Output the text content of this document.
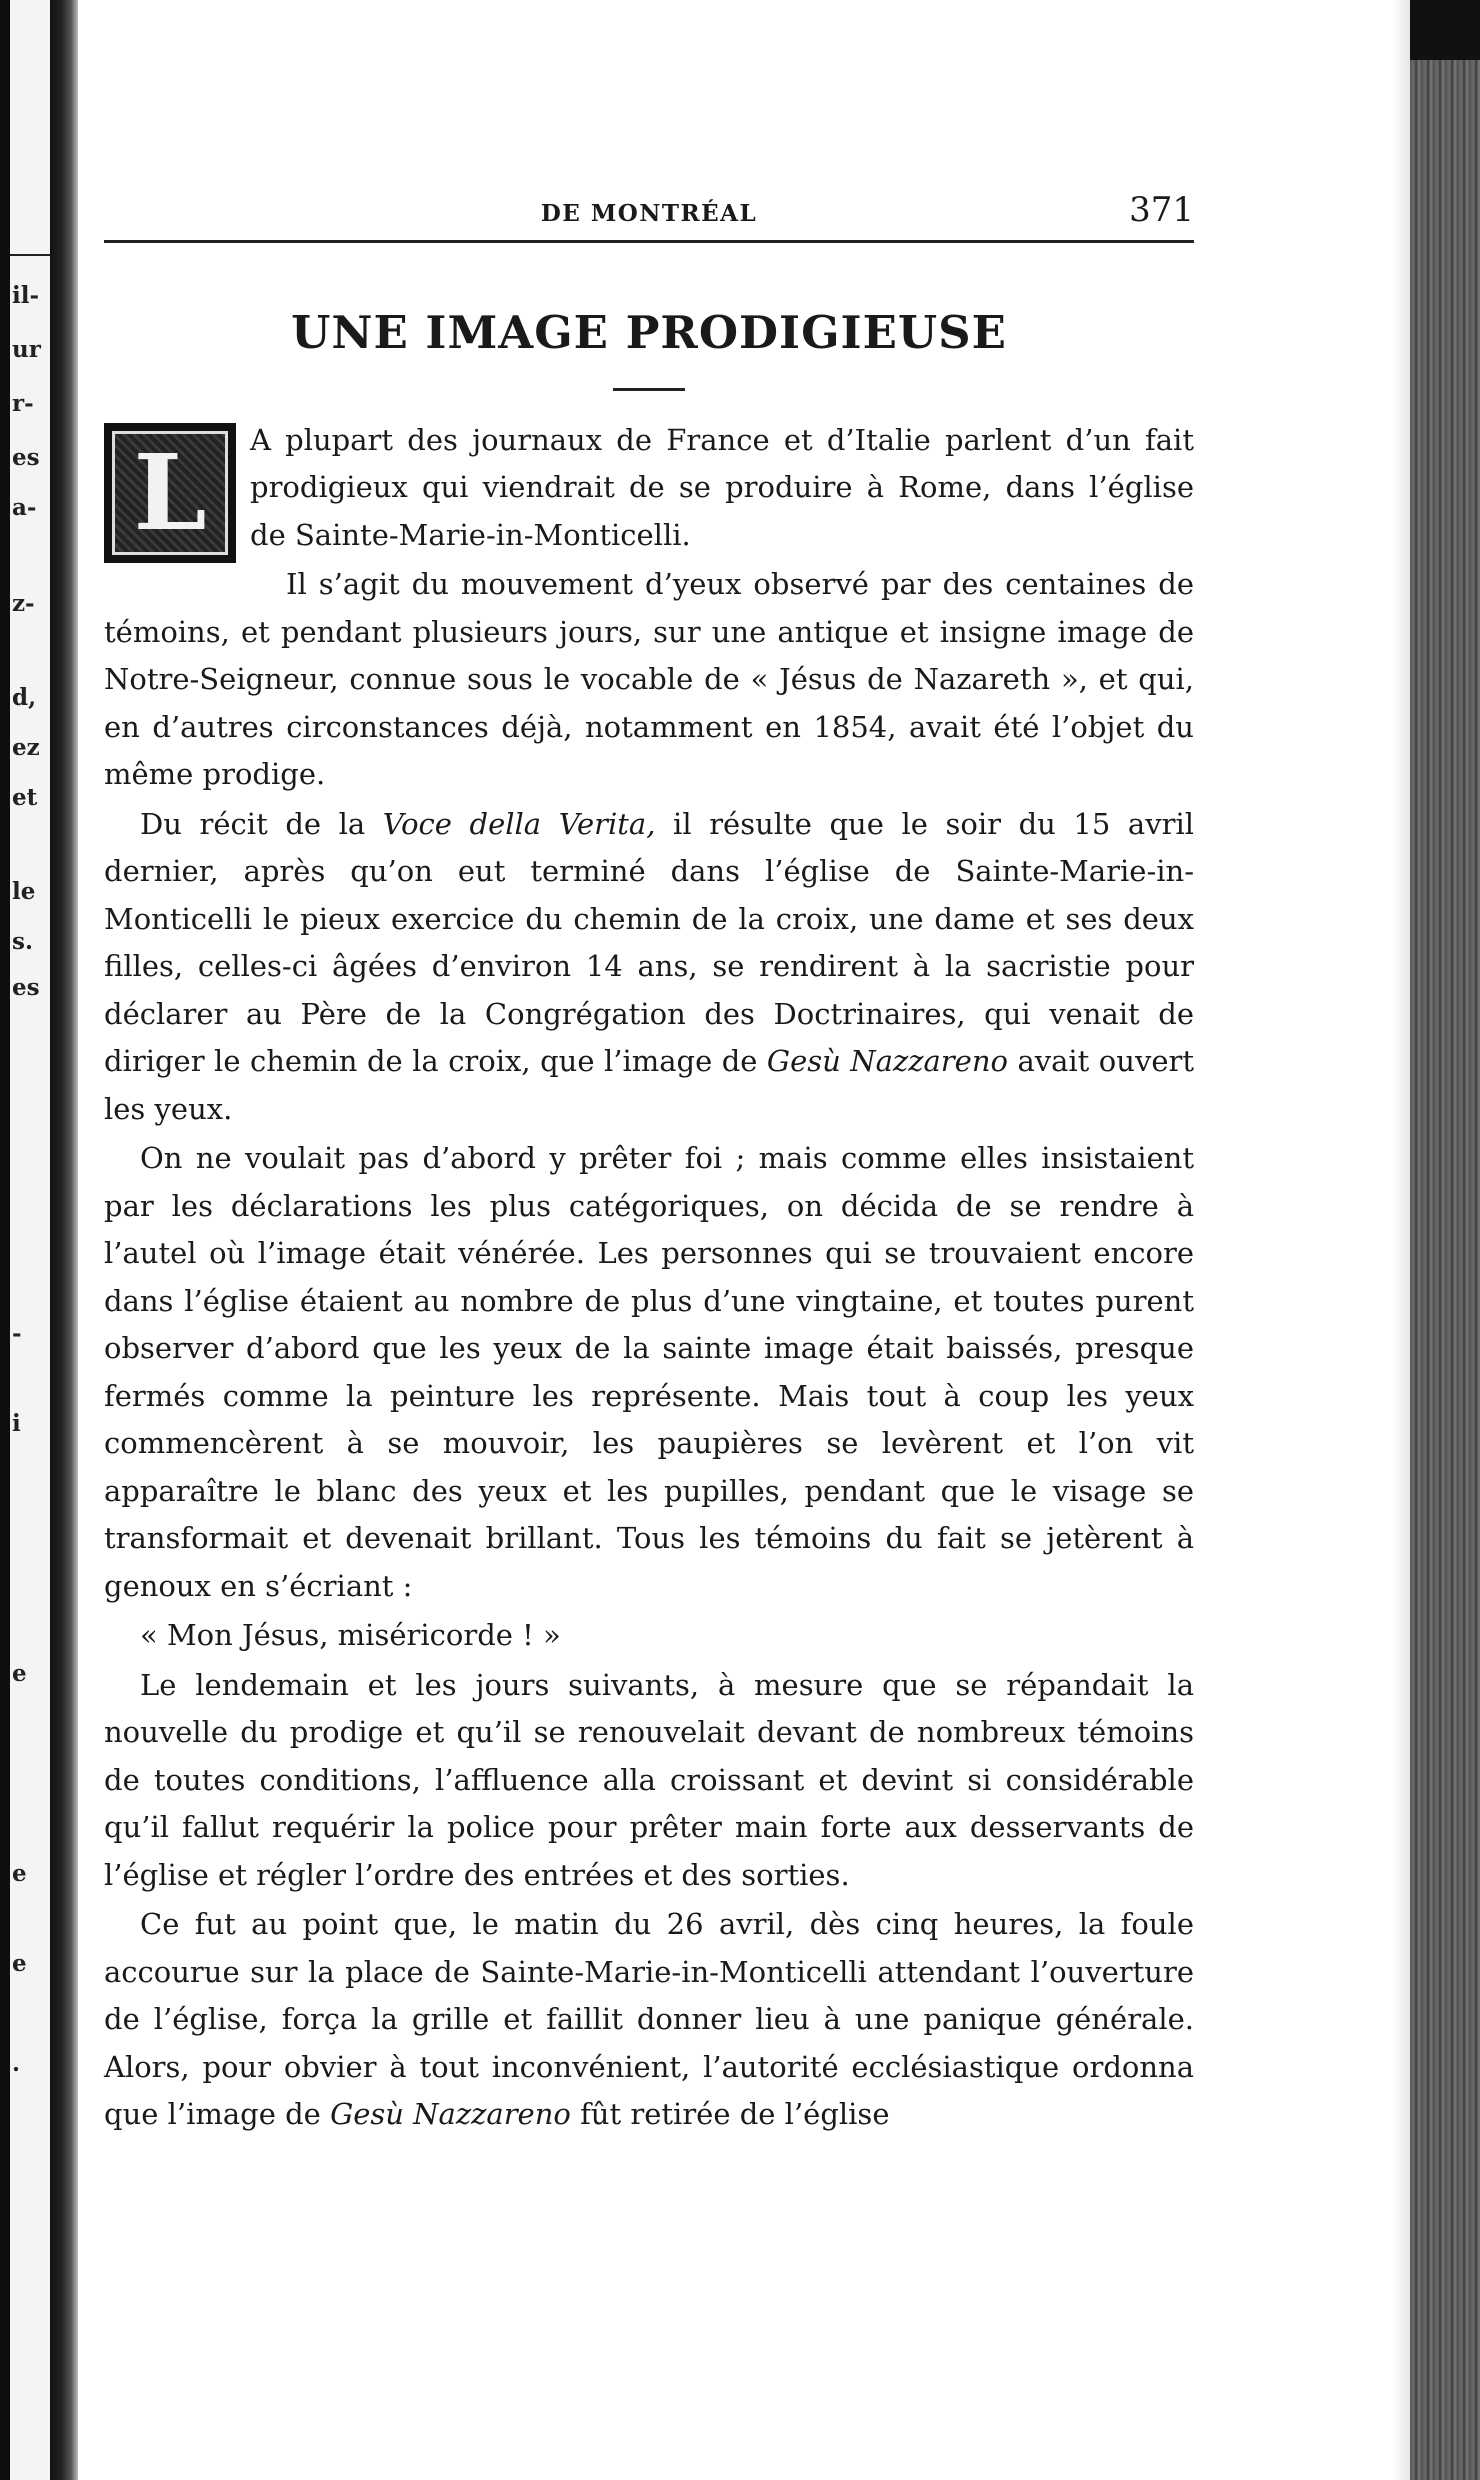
il-
ur
r-
es
a-
z-
d,
ez
et
le
s.
es
-
i
e
e
e
.
DE MONTRÉAL	371
UNE IMAGE PRODIGIEUSE
L	A plupart des journaux de France et d’Italie parlent d’un fait prodigieux qui viendrait de se produire à Rome, dans l’église de Sainte-Marie-in-Monticelli.

Il s’agit du mouvement d’yeux observé par des centaines de témoins, et pendant plusieurs jours, sur une antique et insigne image de Notre-Seigneur, connue sous le vocable de « Jésus de Nazareth », et qui, en d’autres circonstances déjà, notamment en 1854, avait été l’objet du même prodige.

Du récit de la Voce della Verita, il résulte que le soir du 15 avril dernier, après qu’on eut terminé dans l’église de Sainte-Marie-in-Monticelli le pieux exercice du chemin de la croix, une dame et ses deux filles, celles-ci âgées d’environ 14 ans, se rendirent à la sacristie pour déclarer au Père de la Congrégation des Doctrinaires, qui venait de diriger le chemin de la croix, que l’image de Gesù Nazzareno avait ouvert les yeux.

On ne voulait pas d’abord y prêter foi ; mais comme elles insistaient par les déclarations les plus catégoriques, on décida de se rendre à l’autel où l’image était vénérée. Les personnes qui se trouvaient encore dans l’église étaient au nombre de plus d’une vingtaine, et toutes purent observer d’abord que les yeux de la sainte image était baissés, presque fermés comme la peinture les représente. Mais tout à coup les yeux commencèrent à se mouvoir, les paupières se levèrent et l’on vit apparaître le blanc des yeux et les pupilles, pendant que le visage se transformait et devenait brillant. Tous les témoins du fait se jetèrent à genoux en s’écriant :

« Mon Jésus, miséricorde ! »

Le lendemain et les jours suivants, à mesure que se répandait la nouvelle du prodige et qu’il se renouvelait devant de nombreux témoins de toutes conditions, l’affluence alla croissant et devint si considérable qu’il fallut requérir la police pour prêter main forte aux desservants de l’église et régler l’ordre des entrées et des sorties.

Ce fut au point que, le matin du 26 avril, dès cinq heures, la foule accourue sur la place de Sainte-Marie-in-Monticelli attendant l’ouverture de l’église, força la grille et faillit donner lieu à une panique générale. Alors, pour obvier à tout inconvénient, l’autorité ecclésiastique ordonna que l’image de Gesù Nazzareno fût retirée de l’église
